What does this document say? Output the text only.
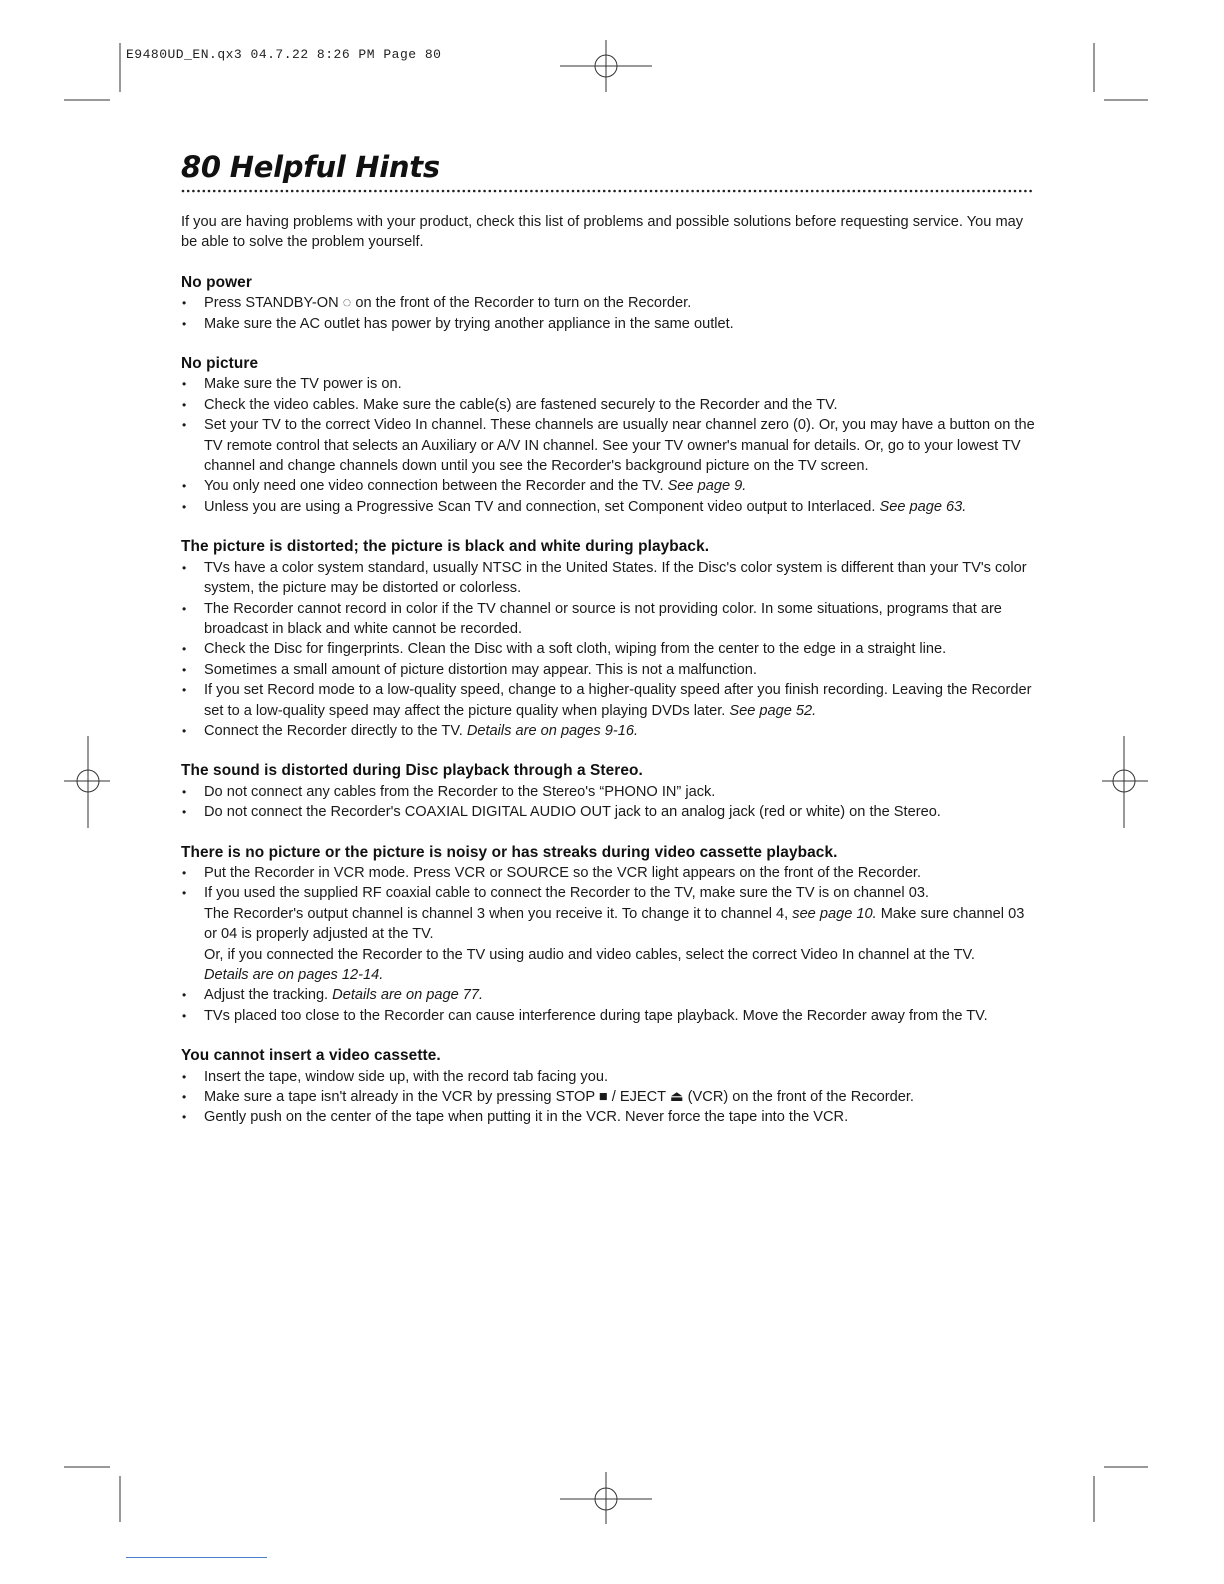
E9480UD_EN.qx3 04.7.22 8:26 PM Page 80
80 Helpful Hints

If you are having problems with your product, check this list of problems and possible solutions before requesting service. You may be able to solve the problem yourself.

No power
• Press STANDBY-ON ◌ on the front of the Recorder to turn on the Recorder.
• Make sure the AC outlet has power by trying another appliance in the same outlet.
No picture
• Make sure the TV power is on.
• Check the video cables. Make sure the cable(s) are fastened securely to the Recorder and the TV.
• Set your TV to the correct Video In channel. These channels are usually near channel zero (0). Or, you may have a button on the TV remote control that selects an Auxiliary or A/V IN channel. See your TV owner's manual for details. Or, go to your lowest TV channel and change channels down until you see the Recorder's background picture on the TV screen.
• You only need one video connection between the Recorder and the TV. See page 9.
• Unless you are using a Progressive Scan TV and connection, set Component video output to Interlaced. See page 63.
The picture is distorted; the picture is black and white during playback.
• TVs have a color system standard, usually NTSC in the United States. If the Disc's color system is different than your TV's color system, the picture may be distorted or colorless.
• The Recorder cannot record in color if the TV channel or source is not providing color. In some situations, programs that are broadcast in black and white cannot be recorded.
• Check the Disc for fingerprints. Clean the Disc with a soft cloth, wiping from the center to the edge in a straight line.
• Sometimes a small amount of picture distortion may appear. This is not a malfunction.
• If you set Record mode to a low-quality speed, change to a higher-quality speed after you finish recording. Leaving the Recorder set to a low-quality speed may affect the picture quality when playing DVDs later. See page 52.
• Connect the Recorder directly to the TV. Details are on pages 9-16.
The sound is distorted during Disc playback through a Stereo.
• Do not connect any cables from the Recorder to the Stereo's “PHONO IN” jack.
• Do not connect the Recorder's COAXIAL DIGITAL AUDIO OUT jack to an analog jack (red or white) on the Stereo.
There is no picture or the picture is noisy or has streaks during video cassette playback.
• Put the Recorder in VCR mode. Press VCR or SOURCE so the VCR light appears on the front of the Recorder.
• If you used the supplied RF coaxial cable to connect the Recorder to the TV, make sure the TV is on channel 03.
The Recorder's output channel is channel 3 when you receive it. To change it to channel 4, see page 10. Make sure channel 03 or 04 is properly adjusted at the TV.
Or, if you connected the Recorder to the TV using audio and video cables, select the correct Video In channel at the TV.
Details are on pages 12-14.
• Adjust the tracking. Details are on page 77.
• TVs placed too close to the Recorder can cause interference during tape playback. Move the Recorder away from the TV.
You cannot insert a video cassette.
• Insert the tape, window side up, with the record tab facing you.
• Make sure a tape isn't already in the VCR by pressing STOP ■ / EJECT ⏏ (VCR) on the front of the Recorder.
• Gently push on the center of the tape when putting it in the VCR. Never force the tape into the VCR.
